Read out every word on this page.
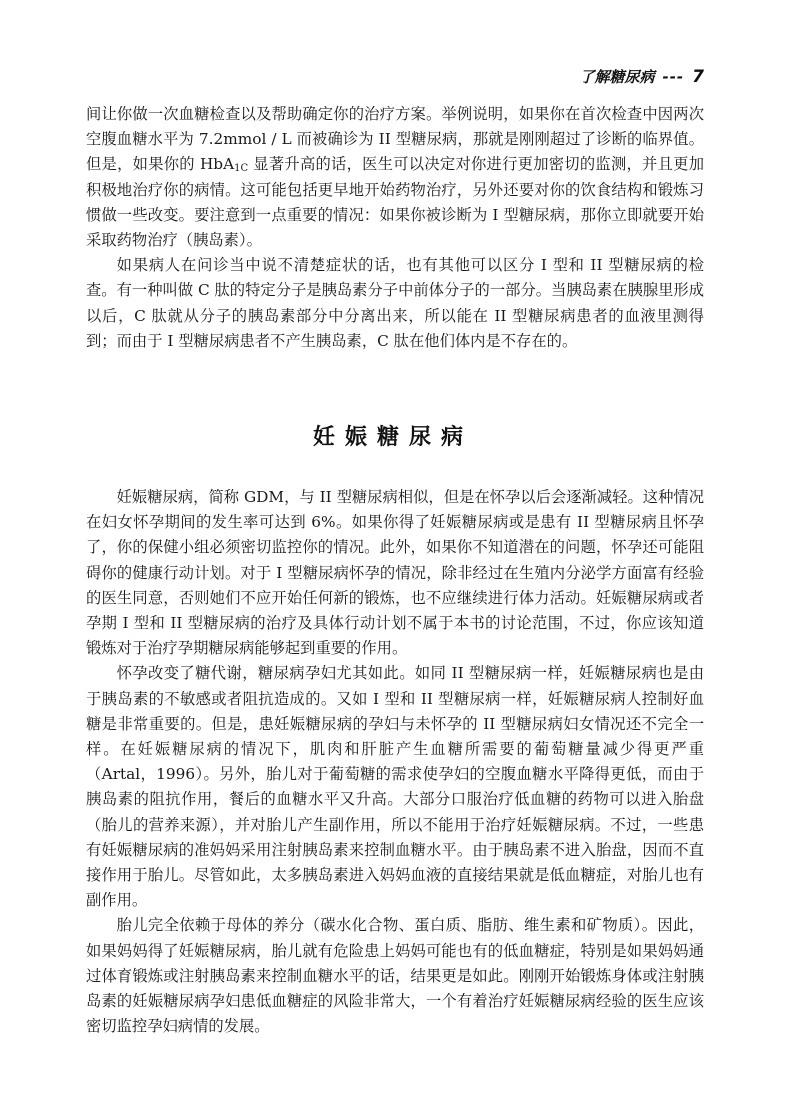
了解糖尿病 --- 7

间让你做一次血糖检查以及帮助确定你的治疗方案。举例说明，如果你在首次检查中因两次空腹血糖水平为 7.2mmol / L 而被确诊为 II 型糖尿病，那就是刚刚超过了诊断的临界值。但是，如果你的 HbA$_{1C}$ 显著升高的话，医生可以决定对你进行更加密切的监测，并且更加积极地治疗你的病情。这可能包括更早地开始药物治疗，另外还要对你的饮食结构和锻炼习惯做一些改变。要注意到一点重要的情况：如果你被诊断为 I 型糖尿病，那你立即就要开始采取药物治疗（胰岛素）。

如果病人在问诊当中说不清楚症状的话，也有其他可以区分 I 型和 II 型糖尿病的检查。有一种叫做 C 肽的特定分子是胰岛素分子中前体分子的一部分。当胰岛素在胰腺里形成以后，C 肽就从分子的胰岛素部分中分离出来，所以能在 II 型糖尿病患者的血液里测得到；而由于 I 型糖尿病患者不产生胰岛素，C 肽在他们体内是不存在的。

妊娠糖尿病

妊娠糖尿病，简称 GDM，与 II 型糖尿病相似，但是在怀孕以后会逐渐减轻。这种情况在妇女怀孕期间的发生率可达到 6%。如果你得了妊娠糖尿病或是患有 II 型糖尿病且怀孕了，你的保健小组必须密切监控你的情况。此外，如果你不知道潜在的问题，怀孕还可能阻碍你的健康行动计划。对于 I 型糖尿病怀孕的情况，除非经过在生殖内分泌学方面富有经验的医生同意，否则她们不应开始任何新的锻炼，也不应继续进行体力活动。妊娠糖尿病或者孕期 I 型和 II 型糖尿病的治疗及具体行动计划不属于本书的讨论范围，不过，你应该知道锻炼对于治疗孕期糖尿病能够起到重要的作用。

怀孕改变了糖代谢，糖尿病孕妇尤其如此。如同 II 型糖尿病一样，妊娠糖尿病也是由于胰岛素的不敏感或者阻抗造成的。又如 I 型和 II 型糖尿病一样，妊娠糖尿病人控制好血糖是非常重要的。但是，患妊娠糖尿病的孕妇与未怀孕的 II 型糖尿病妇女情况还不完全一样。在妊娠糖尿病的情况下，肌肉和肝脏产生血糖所需要的葡萄糖量减少得更严重（Artal，1996）。另外，胎儿对于葡萄糖的需求使孕妇的空腹血糖水平降得更低，而由于胰岛素的阻抗作用，餐后的血糖水平又升高。大部分口服治疗低血糖的药物可以进入胎盘（胎儿的营养来源），并对胎儿产生副作用，所以不能用于治疗妊娠糖尿病。不过，一些患有妊娠糖尿病的准妈妈采用注射胰岛素来控制血糖水平。由于胰岛素不进入胎盘，因而不直接作用于胎儿。尽管如此，太多胰岛素进入妈妈血液的直接结果就是低血糖症，对胎儿也有副作用。

胎儿完全依赖于母体的养分（碳水化合物、蛋白质、脂肪、维生素和矿物质）。因此，如果妈妈得了妊娠糖尿病，胎儿就有危险患上妈妈可能也有的低血糖症，特别是如果妈妈通过体育锻炼或注射胰岛素来控制血糖水平的话，结果更是如此。刚刚开始锻炼身体或注射胰岛素的妊娠糖尿病孕妇患低血糖症的风险非常大，一个有着治疗妊娠糖尿病经验的医生应该密切监控孕妇病情的发展。
